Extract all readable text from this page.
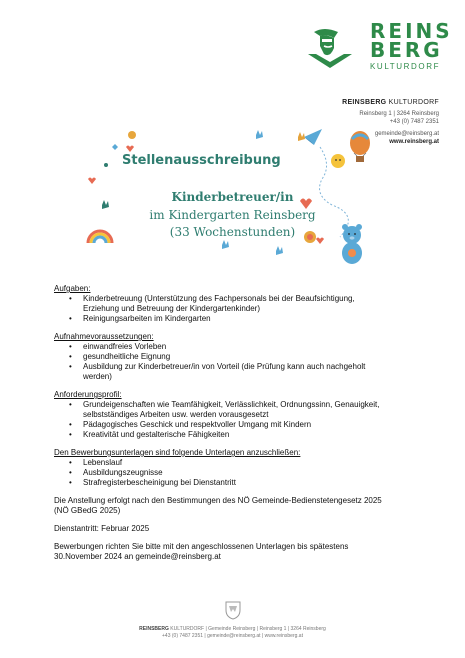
REINS
BERG
KULTURDORF
REINSBERG KULTURDORF
Reinsberg 1 | 3264 Reinsberg
+43 (0) 7487 2351
gemeinde@reinsberg.at
www.reinsberg.at
Stellenausschreibung
Kinderbetreuer/in
im Kindergarten Reinsberg
(33 Wochenstunden)
Aufgaben:
• Kinderbetreuung (Unterstützung des Fachpersonals bei der Beaufsichtigung,
Erziehung und Betreuung der Kindergartenkinder)
• Reinigungsarbeiten im Kindergarten
Aufnahmevoraussetzungen:
• einwandfreies Vorleben
• gesundheitliche Eignung
• Ausbildung zur Kinderbetreuer/in von Vorteil (die Prüfung kann auch nachgeholt
werden)
Anforderungsprofil:
• Grundeigenschaften wie Teamfähigkeit, Verlässlichkeit, Ordnungssinn, Genauigkeit,
selbstständiges Arbeiten usw. werden vorausgesetzt
• Pädagogisches Geschick und respektvoller Umgang mit Kindern
• Kreativität und gestalterische Fähigkeiten
Den Bewerbungsunterlagen sind folgende Unterlagen anzuschließen:
• Lebenslauf
• Ausbildungszeugnisse
• Strafregisterbescheinigung bei Dienstantritt
Die Anstellung erfolgt nach den Bestimmungen des NÖ Gemeinde-Bedienstetengesetz 2025
(NÖ GBedG 2025)
Dienstantritt: Februar 2025
Bewerbungen richten Sie bitte mit den angeschlossenen Unterlagen bis spätestens
30.November 2024 an gemeinde@reinsberg.at
REINSBERG KULTURDORF | Gemeinde Reinsberg | Reinsberg 1 | 3264 Reinsberg
+43 (0) 7487 2351 | gemeinde@reinsberg.at | www.reinsberg.at
